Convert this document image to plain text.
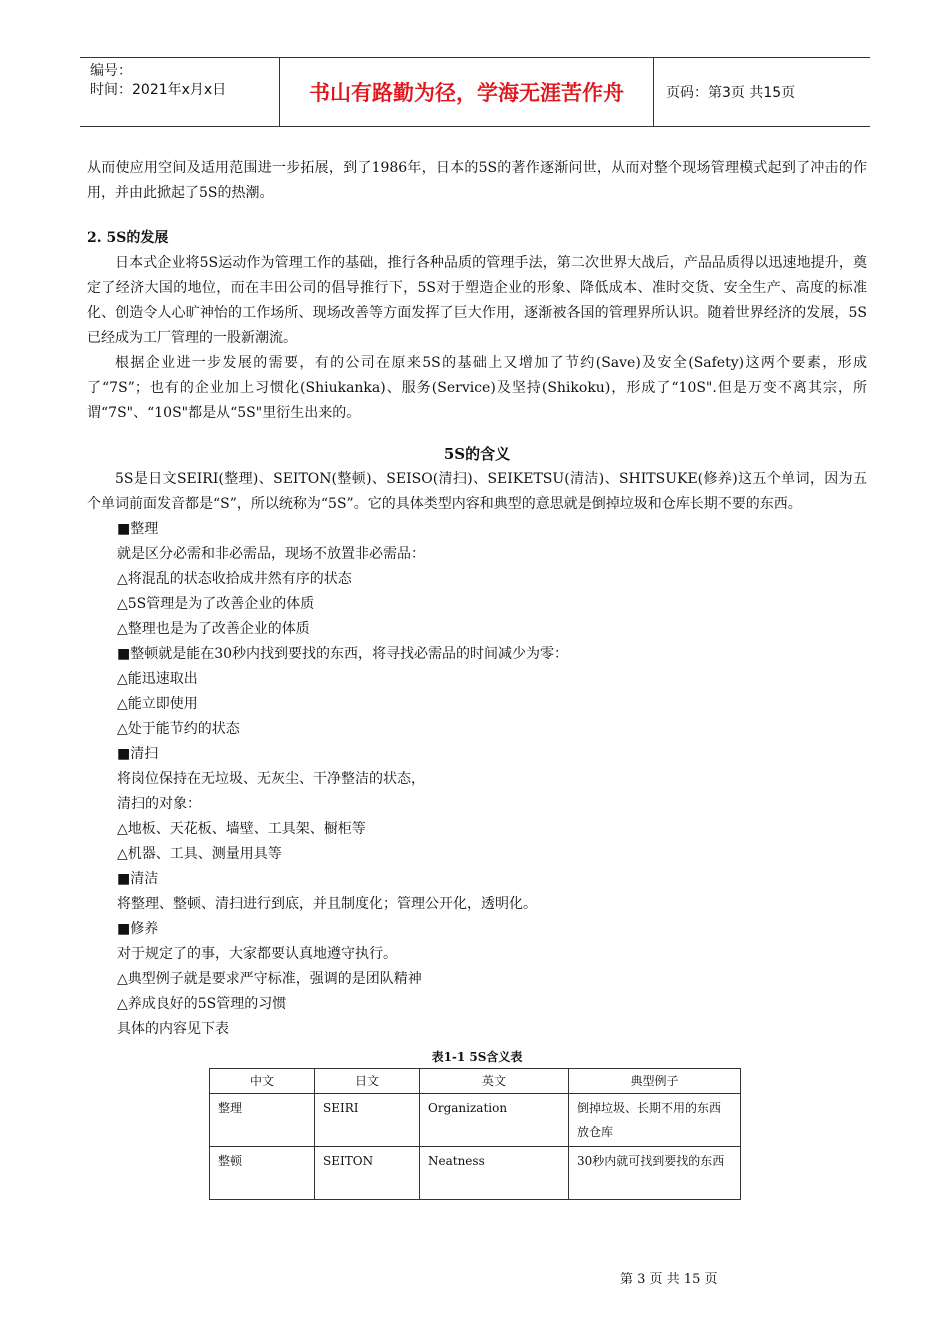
编号：
时间：2021年x月x日	书山有路勤为径，学海无涯苦作舟	页码：第3页 共15页

从而使应用空间及适用范围进一步拓展，到了1986年，日本的5S的著作逐渐问世，从而对整个现场管理模式起到了冲击的作用，并由此掀起了5S的热潮。

2. 5S的发展

日本式企业将5S运动作为管理工作的基础，推行各种品质的管理手法，第二次世界大战后，产品品质得以迅速地提升，奠定了经济大国的地位，而在丰田公司的倡导推行下，5S对于塑造企业的形象、降低成本、准时交货、安全生产、高度的标准化、创造令人心旷神怡的工作场所、现场改善等方面发挥了巨大作用，逐渐被各国的管理界所认识。随着世界经济的发展，5S已经成为工厂管理的一股新潮流。

根据企业进一步发展的需要，有的公司在原来5S的基础上又增加了节约(Save)及安全(Safety)这两个要素，形成了“7S”；也有的企业加上习惯化(Shiukanka)、服务(Service)及坚持(Shikoku)，形成了“10S".但是万变不离其宗，所谓“7S"、“10S"都是从“5S"里衍生出来的。

5S的含义

5S是日文SEIRI(整理)、SEITON(整顿)、SEISO(清扫)、SEIKETSU(清洁)、SHITSUKE(修养)这五个单词，因为五个单词前面发音都是“S”，所以统称为“5S”。它的具体类型内容和典型的意思就是倒掉垃圾和仓库长期不要的东西。

■整理

就是区分必需和非必需品，现场不放置非必需品：

△将混乱的状态收拾成井然有序的状态

△5S管理是为了改善企业的体质

△整理也是为了改善企业的体质

■整顿就是能在30秒内找到要找的东西，将寻找必需品的时间减少为零：

△能迅速取出

△能立即使用

△处于能节约的状态

■清扫

将岗位保持在无垃圾、无灰尘、干净整洁的状态，

清扫的对象：

△地板、天花板、墙壁、工具架、橱柜等

△机器、工具、测量用具等

■清洁

将整理、整顿、清扫进行到底，并且制度化；管理公开化，透明化。

■修养

对于规定了的事，大家都要认真地遵守执行。

△典型例子就是要求严守标准，强调的是团队精神

△养成良好的5S管理的习惯

具体的内容见下表

表1-1 5S含义表

中文	日文	英文	典型例子
整理	SEIRI	Organization	倒掉垃圾、长期不用的东西放仓库
整顿	SEITON	Neatness	30秒内就可找到要找的东西
第 3 页 共 15 页
